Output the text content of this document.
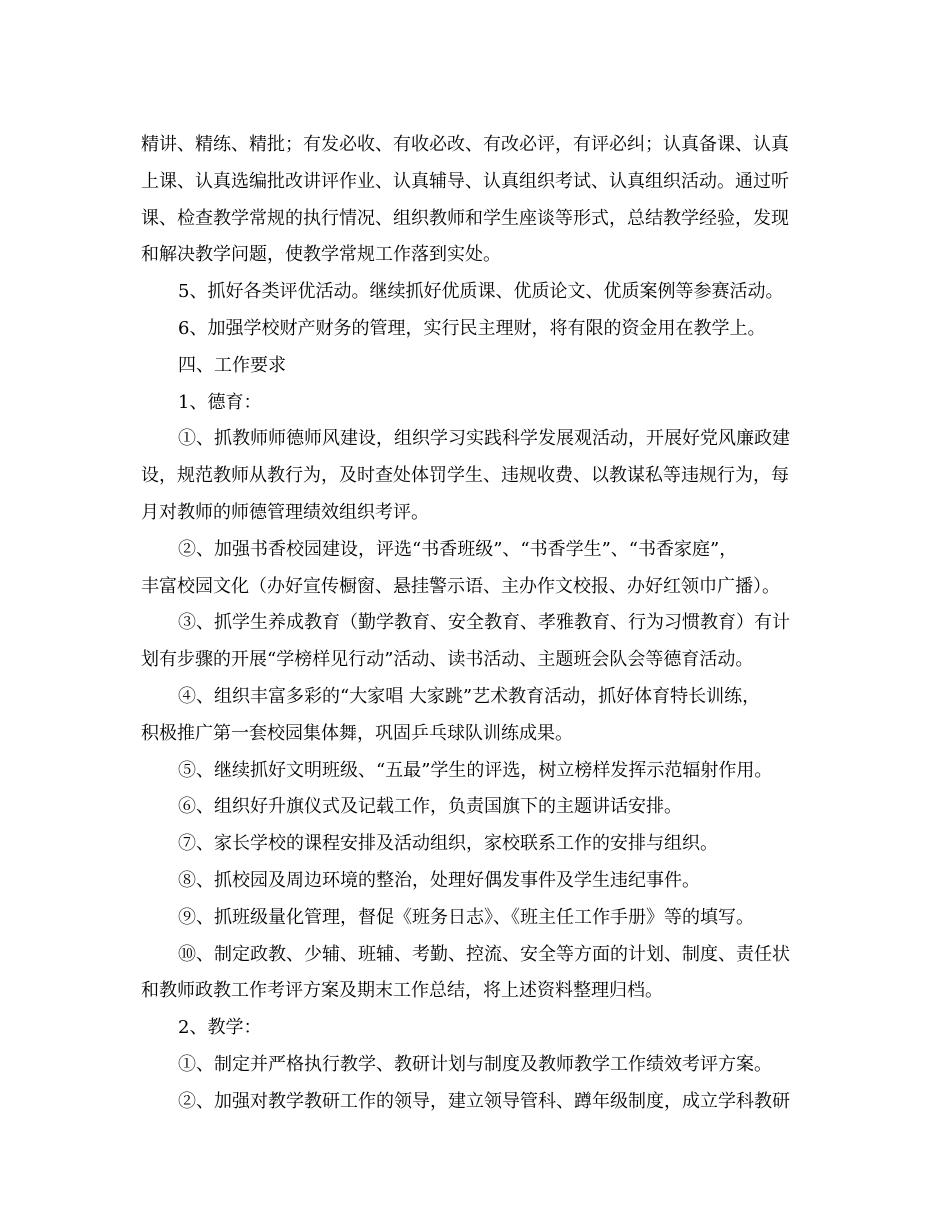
精讲、精练、精批；有发必收、有收必改、有改必评，有评必纠；认真备课、认真
上课、认真选编批改讲评作业、认真辅导、认真组织考试、认真组织活动。通过听
课、检查教学常规的执行情况、组织教师和学生座谈等形式，总结教学经验，发现
和解决教学问题，使教学常规工作落到实处。

5、抓好各类评优活动。继续抓好优质课、优质论文、优质案例等参赛活动。

6、加强学校财产财务的管理，实行民主理财，将有限的资金用在教学上。

四、工作要求

1、德育：

①、抓教师师德师风建设，组织学习实践科学发展观活动，开展好党风廉政建
设，规范教师从教行为，及时查处体罚学生、违规收费、以教谋私等违规行为，每
月对教师的师德管理绩效组织考评。

②、加强书香校园建设，评选“书香班级”、“书香学生”、“书香家庭”，
丰富校园文化（办好宣传橱窗、悬挂警示语、主办作文校报、办好红领巾广播）。

③、抓学生养成教育（勤学教育、安全教育、孝雅教育、行为习惯教育）有计
划有步骤的开展“学榜样见行动”活动、读书活动、主题班会队会等德育活动。

④、组织丰富多彩的“大家唱 大家跳”艺术教育活动，抓好体育特长训练，
积极推广第一套校园集体舞，巩固乒乓球队训练成果。

⑤、继续抓好文明班级、“五最”学生的评选，树立榜样发挥示范辐射作用。

⑥、组织好升旗仪式及记载工作，负责国旗下的主题讲话安排。

⑦、家长学校的课程安排及活动组织，家校联系工作的安排与组织。

⑧、抓校园及周边环境的整治，处理好偶发事件及学生违纪事件。

⑨、抓班级量化管理，督促《班务日志》、《班主任工作手册》等的填写。

⑩、制定政教、少辅、班辅、考勤、控流、安全等方面的计划、制度、责任状
和教师政教工作考评方案及期末工作总结，将上述资料整理归档。

2、教学：

①、制定并严格执行教学、教研计划与制度及教师教学工作绩效考评方案。

②、加强对教学教研工作的领导，建立领导管科、蹲年级制度，成立学科教研
